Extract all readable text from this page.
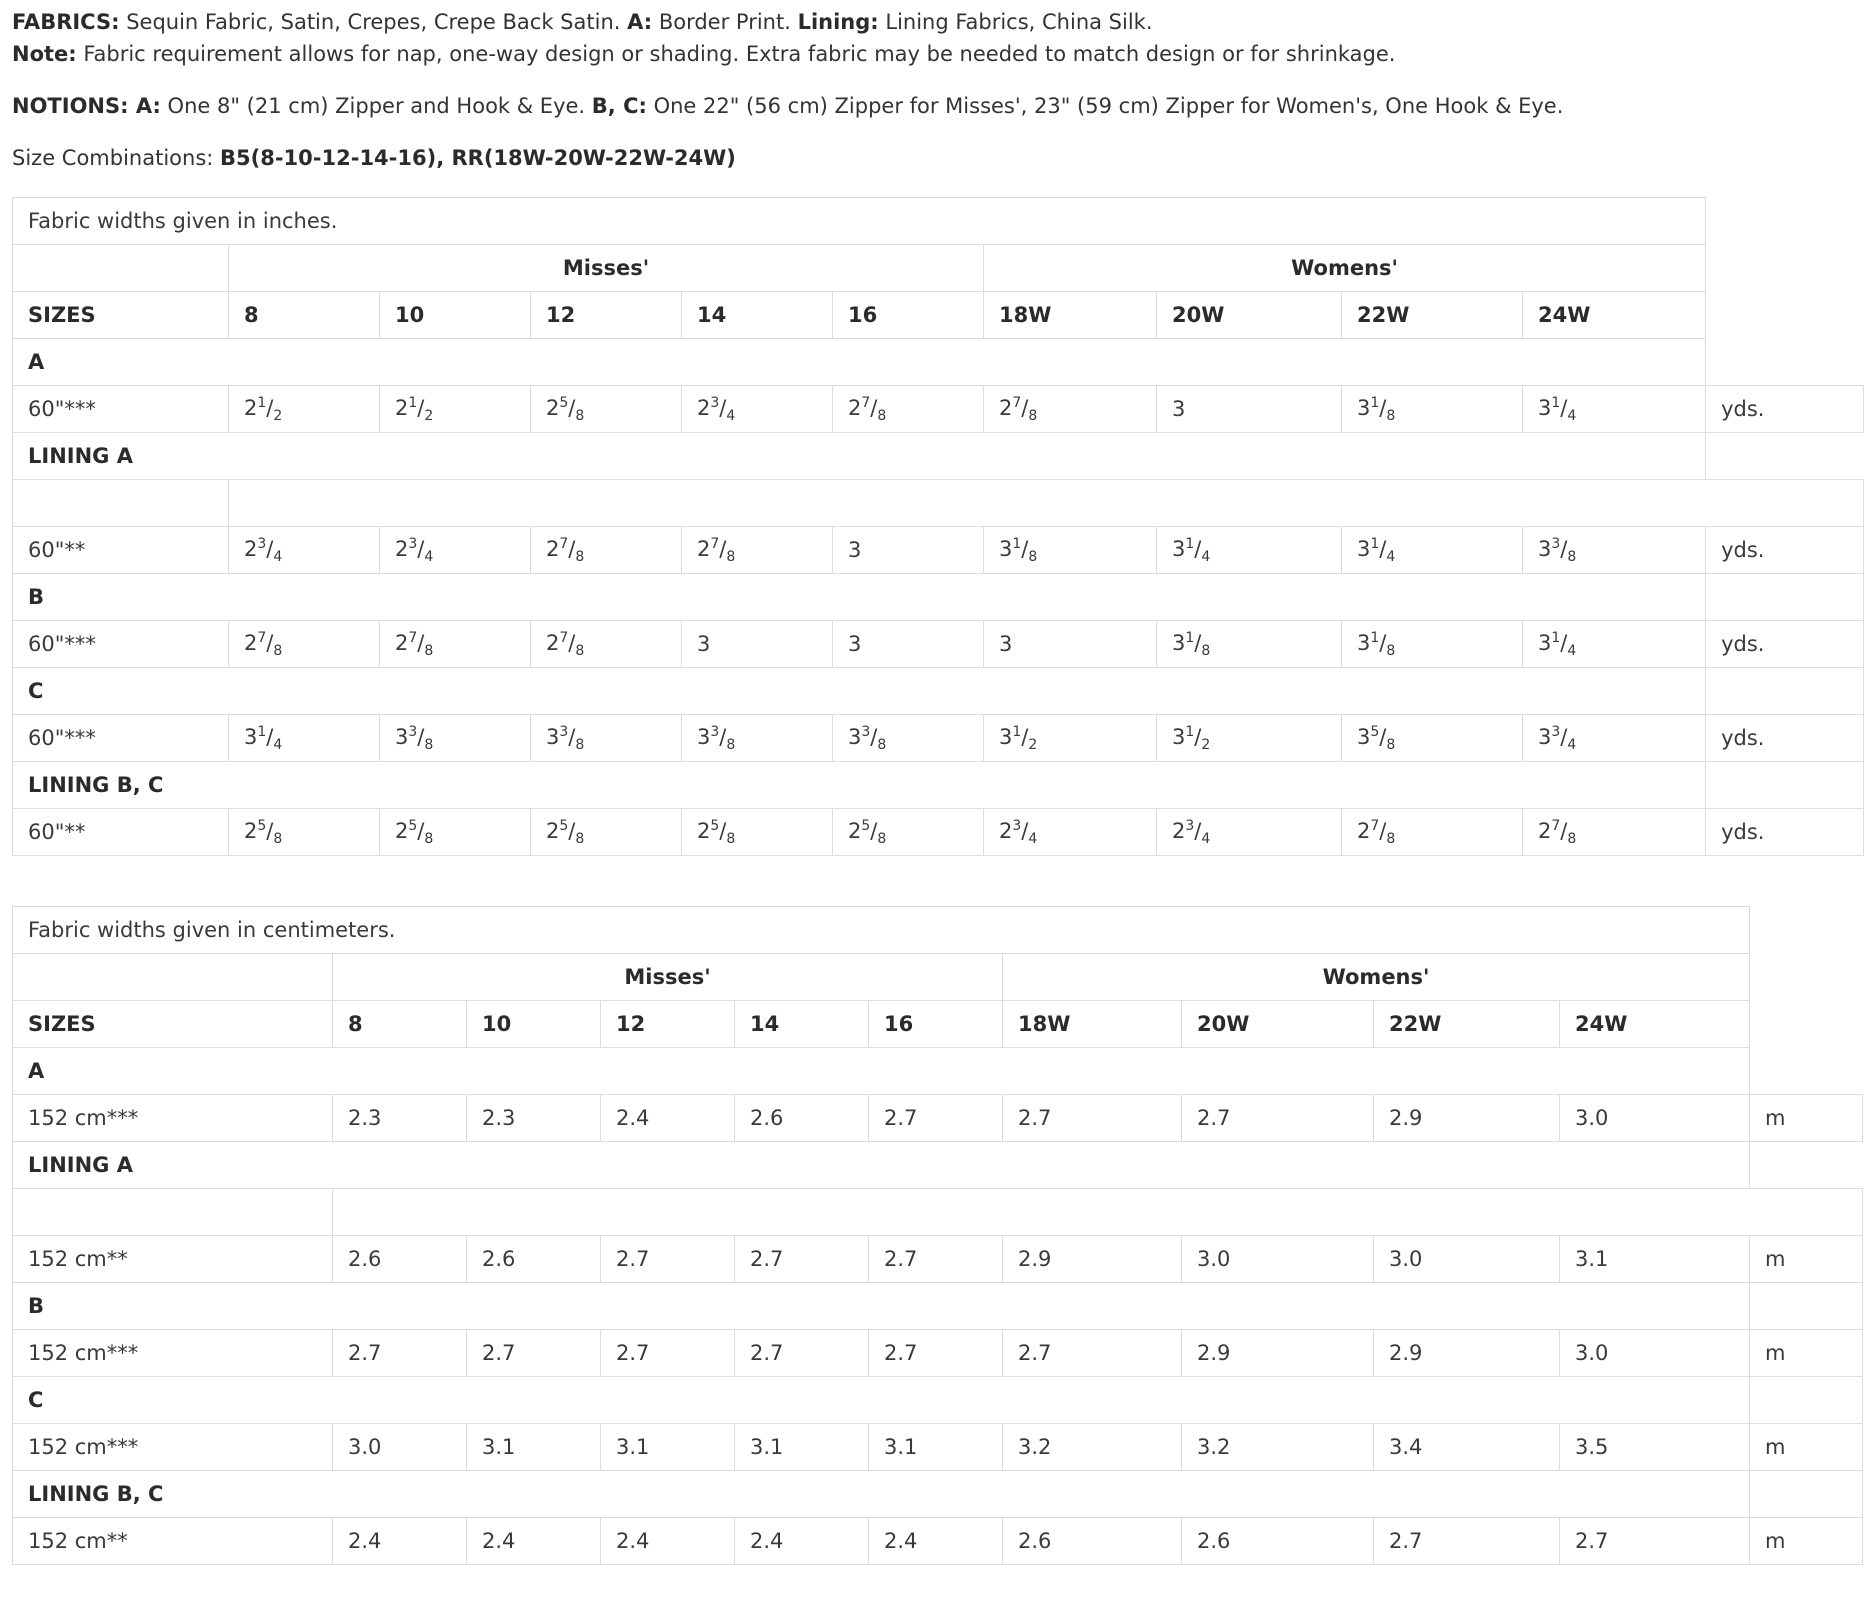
FABRICS: Sequin Fabric, Satin, Crepes, Crepe Back Satin. A: Border Print. Lining: Lining Fabrics, China Silk.
Note: Fabric requirement allows for nap, one-way design or shading. Extra fabric may be needed to match design or for shrinkage.
NOTIONS: A: One 8" (21 cm) Zipper and Hook & Eye. B, C: One 22" (56 cm) Zipper for Misses', 23" (59 cm) Zipper for Women's, One Hook & Eye.
Size Combinations: B5(8-10-12-14-16), RR(18W-20W-22W-24W)
Fabric widths given in inches.										
	Misses'					Womens'				
SIZES	8	10	12	14	16	18W	20W	22W	24W	
A										
60"***	$2^1/_2$	$2^1/_2$	$2^5/_8$	$2^3/_4$	$2^7/_8$	$2^7/_8$	3	$3^1/_8$	$3^1/_4$	yds.
LINING A										

60"**	$2^3/_4$	$2^3/_4$	$2^7/_8$	$2^7/_8$	3	$3^1/_8$	$3^1/_4$	$3^1/_4$	$3^3/_8$	yds.
B										
60"***	$2^7/_8$	$2^7/_8$	$2^7/_8$	3	3	3	$3^1/_8$	$3^1/_8$	$3^1/_4$	yds.
C										
60"***	$3^1/_4$	$3^3/_8$	$3^3/_8$	$3^3/_8$	$3^3/_8$	$3^1/_2$	$3^1/_2$	$3^5/_8$	$3^3/_4$	yds.
LINING B, C										
60"**	$2^5/_8$	$2^5/_8$	$2^5/_8$	$2^5/_8$	$2^5/_8$	$2^3/_4$	$2^3/_4$	$2^7/_8$	$2^7/_8$	yds.
Fabric widths given in centimeters.										
	Misses'					Womens'				
SIZES	8	10	12	14	16	18W	20W	22W	24W	
A										
152 cm***	2.3	2.3	2.4	2.6	2.7	2.7	2.7	2.9	3.0	m
LINING A										

152 cm**	2.6	2.6	2.7	2.7	2.7	2.9	3.0	3.0	3.1	m
B										
152 cm***	2.7	2.7	2.7	2.7	2.7	2.7	2.9	2.9	3.0	m
C										
152 cm***	3.0	3.1	3.1	3.1	3.1	3.2	3.2	3.4	3.5	m
LINING B, C										
152 cm**	2.4	2.4	2.4	2.4	2.4	2.6	2.6	2.7	2.7	m
